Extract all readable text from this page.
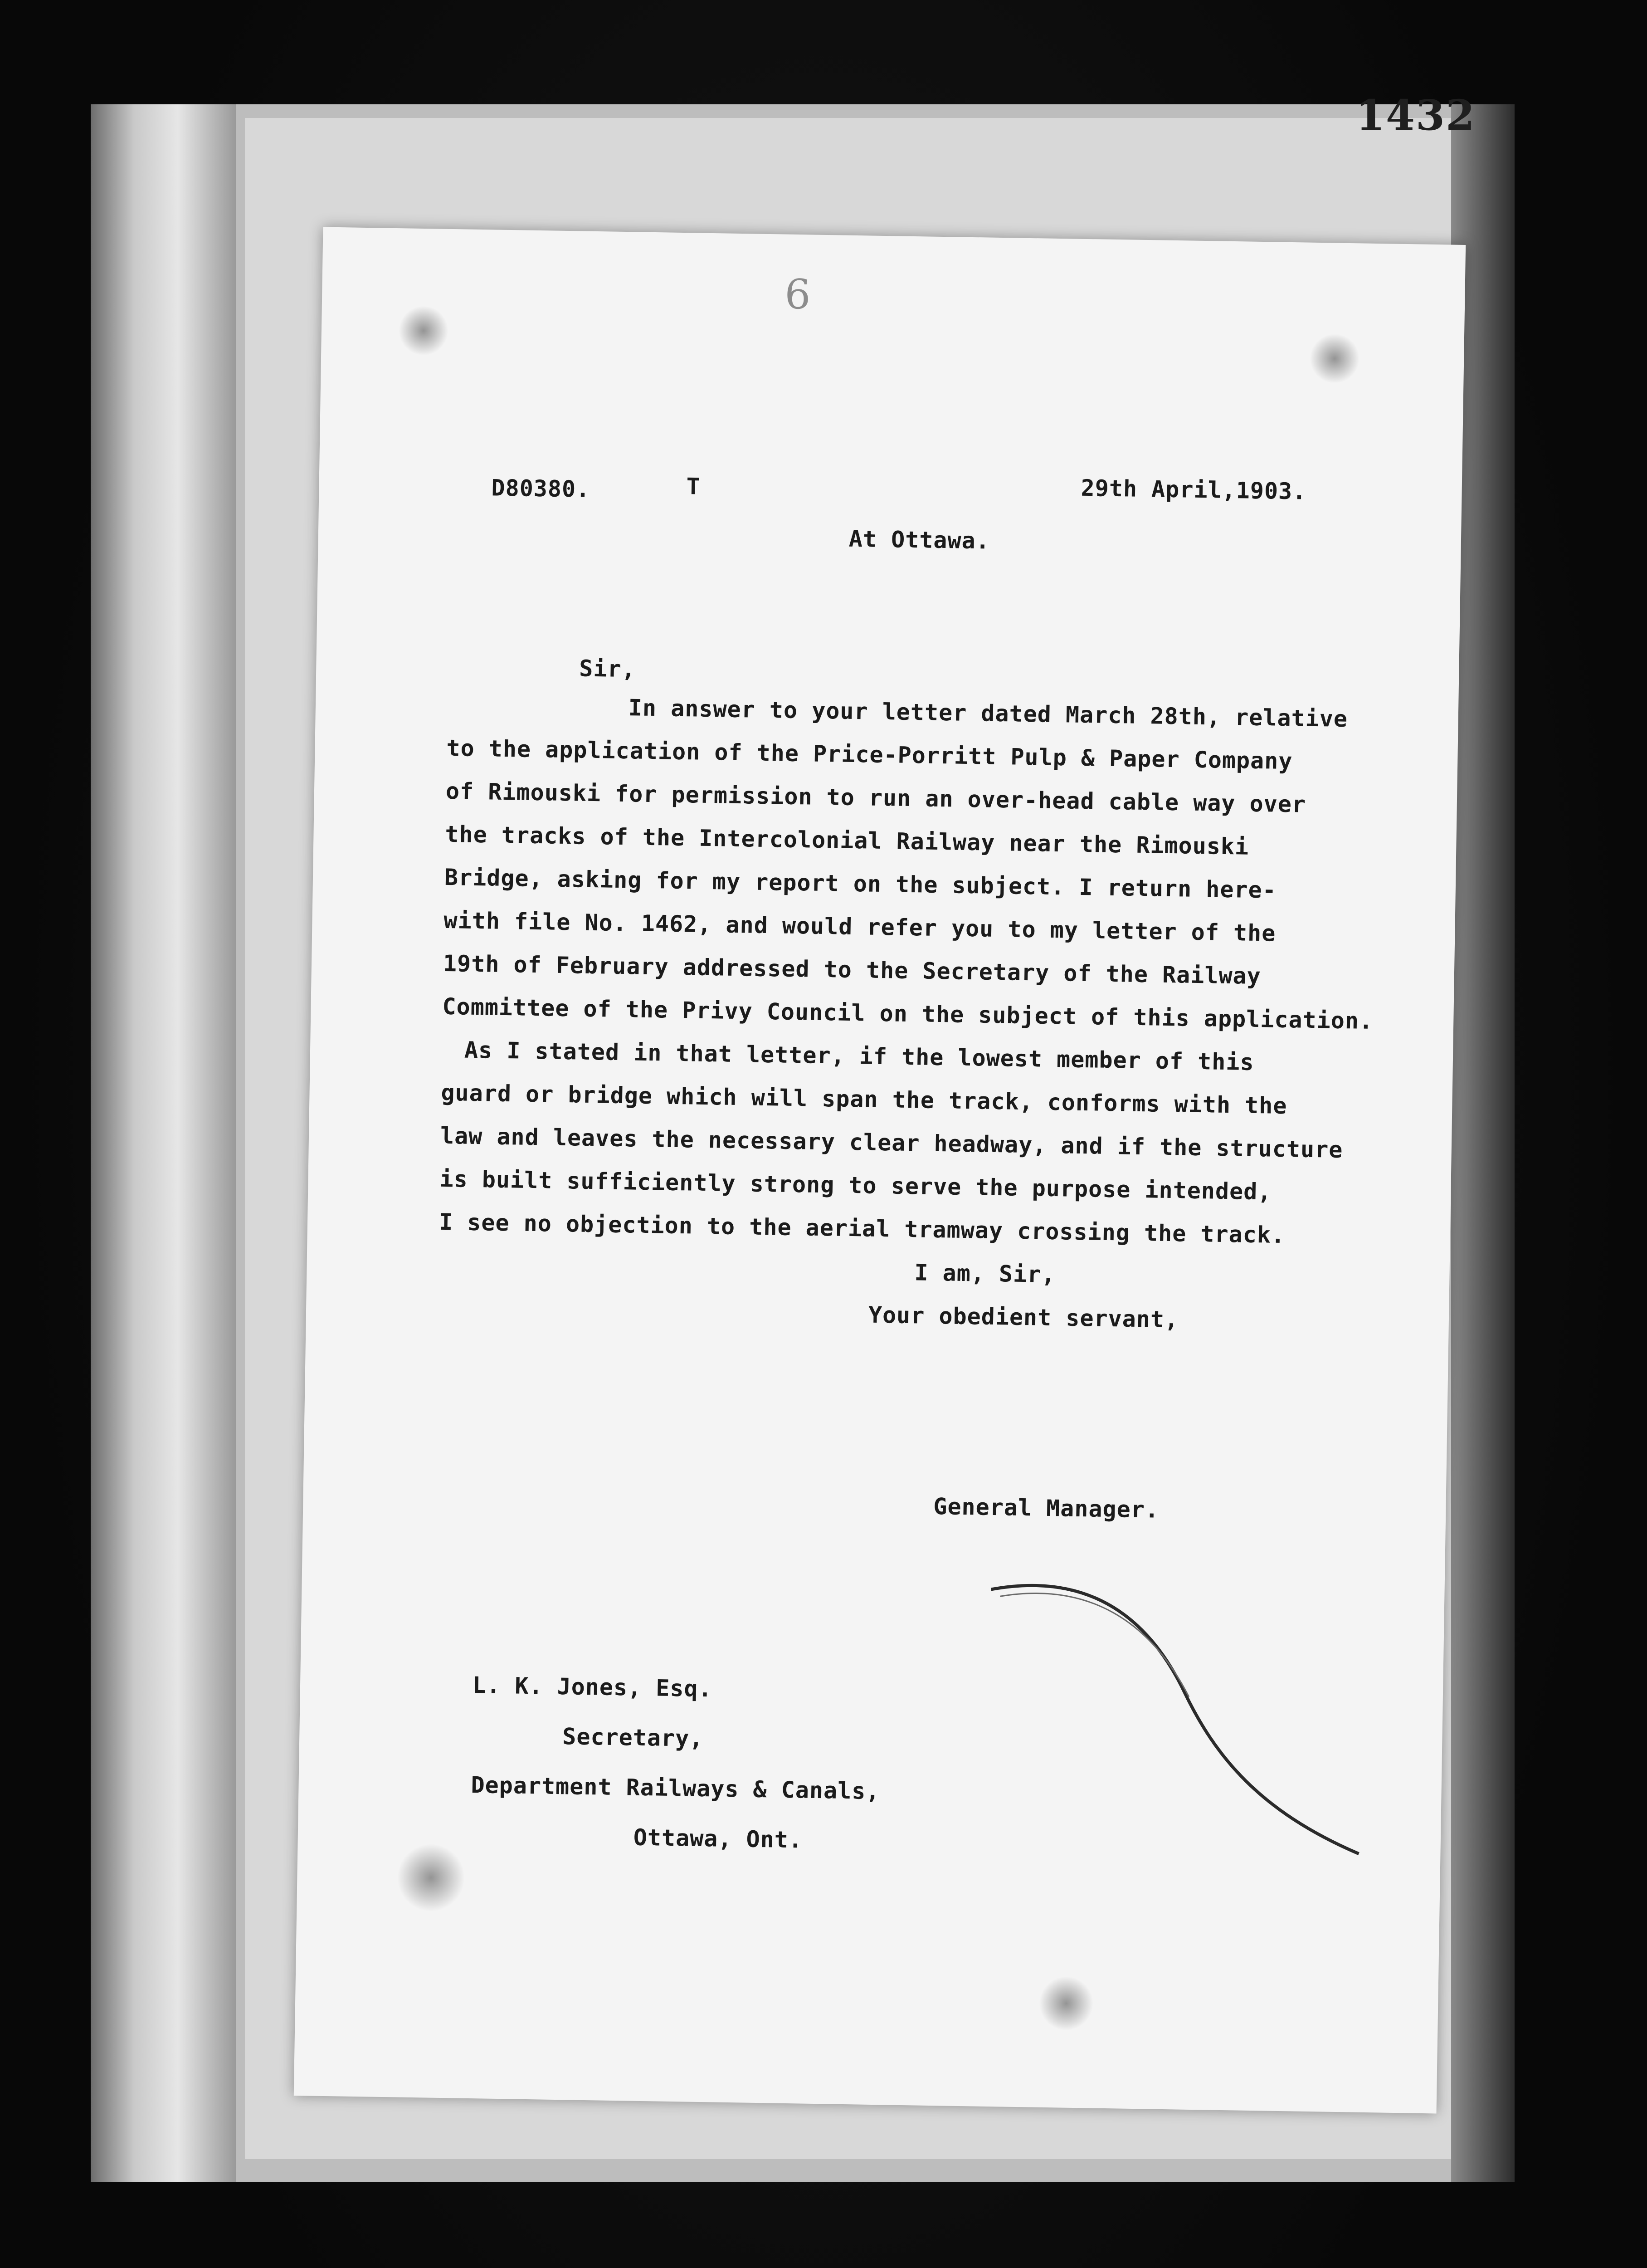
1432
6
D80380.	T	29th April,1903.
At Ottawa.
Sir,
In answer to your letter dated March 28th, relative
to the application of the Price-Porritt Pulp & Paper Company
of Rimouski for permission to run an over-head cable way over
the tracks of the Intercolonial Railway near the Rimouski
Bridge, asking for my report on the subject. I return here-
with file No. 1462, and would refer you to my letter of the
19th of February addressed to the Secretary of the Railway
Committee of the Privy Council on the subject of this application.
As I stated in that letter, if the lowest member of this
guard or bridge which will span the track, conforms with the
law and leaves the necessary clear headway, and if the structure
is built sufficiently strong to serve the purpose intended,
I see no objection to the aerial tramway crossing the track.
I am, Sir,
Your obedient servant,
General Manager.
L. K. Jones, Esq.
Secretary,
Department Railways & Canals,
Ottawa, Ont.
